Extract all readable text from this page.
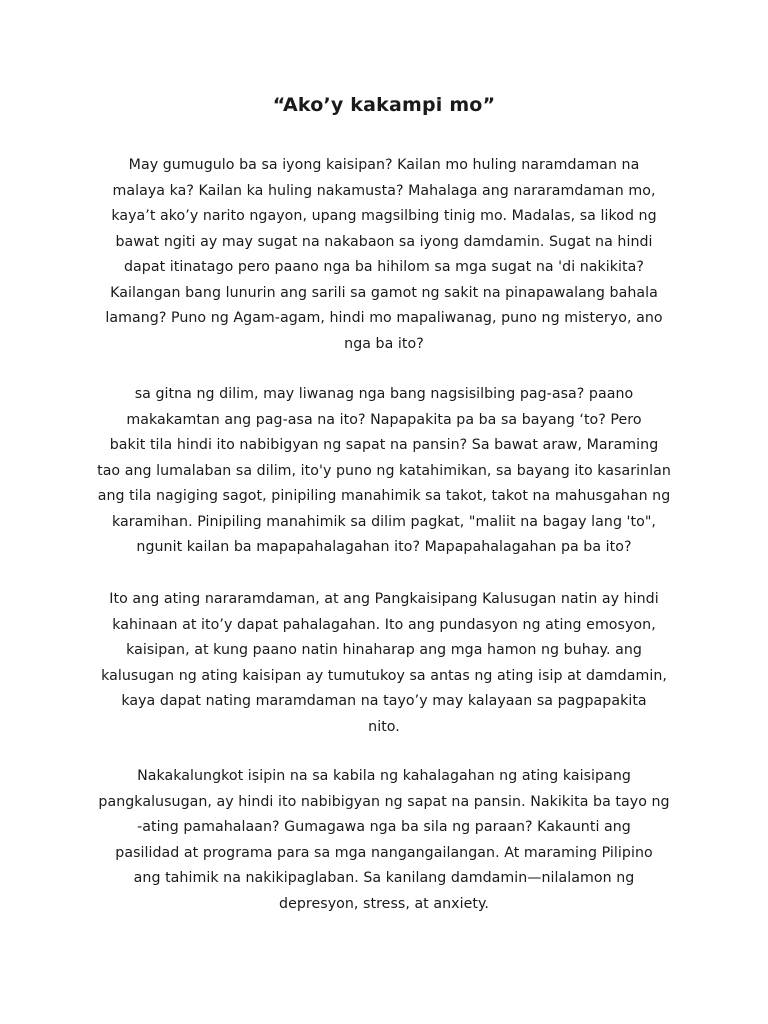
“Ako’y kakampi mo”

May gumugulo ba sa iyong kaisipan? Kailan mo huling naramdaman na
malaya ka? Kailan ka huling nakamusta? Mahalaga ang nararamdaman mo,
kaya’t ako’y narito ngayon, upang magsilbing tinig mo. Madalas, sa likod ng
bawat ngiti ay may sugat na nakabaon sa iyong damdamin. Sugat na hindi
dapat itinatago pero paano nga ba hihilom sa mga sugat na 'di nakikita?
Kailangan bang lunurin ang sarili sa gamot ng sakit na pinapawalang bahala
lamang? Puno ng Agam-agam, hindi mo mapaliwanag, puno ng misteryo, ano
nga ba ito?

sa gitna ng dilim, may liwanag nga bang nagsisilbing pag-asa? paano
makakamtan ang pag-asa na ito? Napapakita pa ba sa bayang ‘to? Pero
bakit tila hindi ito nabibigyan ng sapat na pansin? Sa bawat araw, Maraming
tao ang lumalaban sa dilim, ito'y puno ng katahimikan, sa bayang ito kasarinlan
ang tila nagiging sagot, pinipiling manahimik sa takot, takot na mahusgahan ng
karamihan. Pinipiling manahimik sa dilim pagkat, "maliit na bagay lang 'to",
ngunit kailan ba mapapahalagahan ito? Mapapahalagahan pa ba ito?

Ito ang ating nararamdaman, at ang Pangkaisipang Kalusugan natin ay hindi
kahinaan at ito’y dapat pahalagahan. Ito ang pundasyon ng ating emosyon,
kaisipan, at kung paano natin hinaharap ang mga hamon ng buhay. ang
kalusugan ng ating kaisipan ay tumutukoy sa antas ng ating isip at damdamin,
kaya dapat nating maramdaman na tayo’y may kalayaan sa pagpapakita
nito.

Nakakalungkot isipin na sa kabila ng kahalagahan ng ating kaisipang
pangkalusugan, ay hindi ito nabibigyan ng sapat na pansin. Nakikita ba tayo ng
-ating pamahalaan? Gumagawa nga ba sila ng paraan? Kakaunti ang
pasilidad at programa para sa mga nangangailangan. At maraming Pilipino
ang tahimik na nakikipaglaban. Sa kanilang damdamin—nilalamon ng
depresyon, stress, at anxiety.
